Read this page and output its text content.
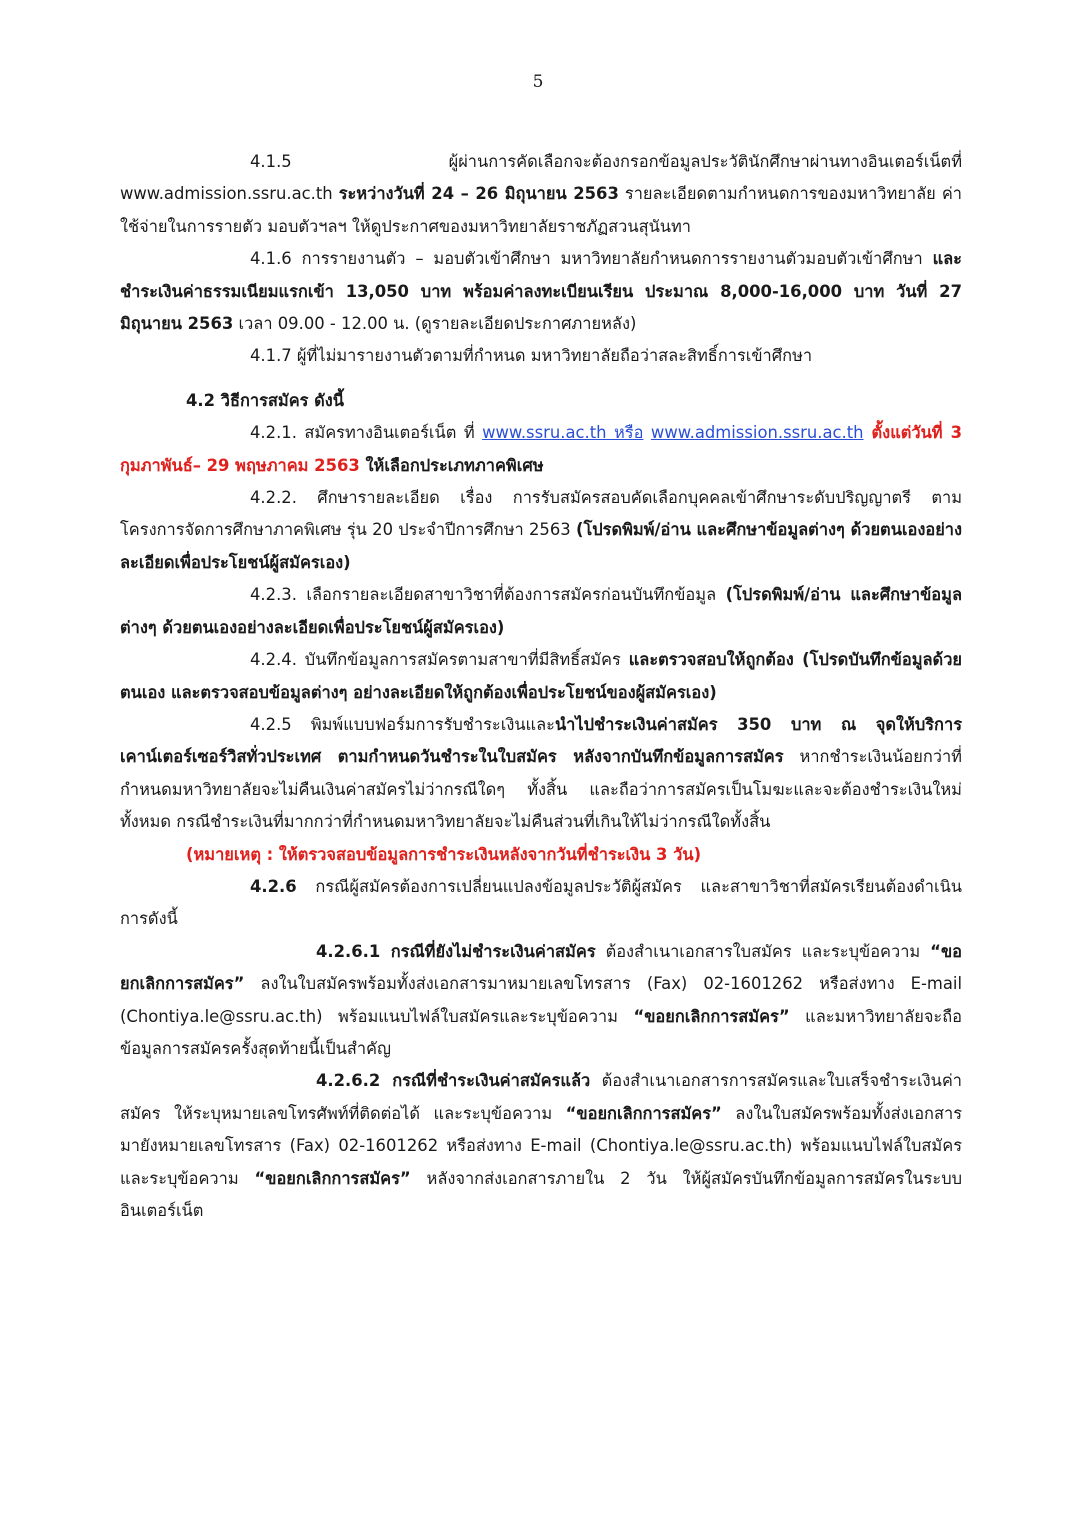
5

4.1.5 ผู้ผ่านการคัดเลือกจะต้องกรอกข้อมูลประวัตินักศึกษาผ่านทางอินเตอร์เน็ตที่ www.admission.ssru.ac.th ระหว่างวันที่ 24 – 26 มิถุนายน 2563 รายละเอียดตามกำหนดการของมหาวิทยาลัย ค่าใช้จ่ายในการรายตัว มอบตัวฯลฯ ให้ดูประกาศของมหาวิทยาลัยราชภัฏสวนสุนันทา

4.1.6 การรายงานตัว – มอบตัวเข้าศึกษา มหาวิทยาลัยกำหนดการรายงานตัวมอบตัวเข้าศึกษา และชำระเงินค่าธรรมเนียมแรกเข้า 13,050 บาท พร้อมค่าลงทะเบียนเรียน ประมาณ 8,000-16,000 บาท วันที่ 27 มิถุนายน 2563 เวลา 09.00 - 12.00 น. (ดูรายละเอียดประกาศภายหลัง)

4.1.7 ผู้ที่ไม่มารายงานตัวตามที่กำหนด มหาวิทยาลัยถือว่าสละสิทธิ์การเข้าศึกษา

4.2 วิธีการสมัคร ดังนี้

4.2.1. สมัครทางอินเตอร์เน็ต ที่ www.ssru.ac.th หรือ www.admission.ssru.ac.th ตั้งแต่วันที่ 3 กุมภาพันธ์– 29 พฤษภาคม 2563 ให้เลือกประเภทภาคพิเศษ

4.2.2. ศึกษารายละเอียด เรื่อง การรับสมัครสอบคัดเลือกบุคคลเข้าศึกษาระดับปริญญาตรี ตามโครงการจัดการศึกษาภาคพิเศษ รุ่น 20 ประจำปีการศึกษา 2563 (โปรดพิมพ์/อ่าน และศึกษาข้อมูลต่างๆ ด้วยตนเองอย่างละเอียดเพื่อประโยชน์ผู้สมัครเอง)

4.2.3. เลือกรายละเอียดสาขาวิชาที่ต้องการสมัครก่อนบันทึกข้อมูล (โปรดพิมพ์/อ่าน และศึกษาข้อมูลต่างๆ ด้วยตนเองอย่างละเอียดเพื่อประโยชน์ผู้สมัครเอง)

4.2.4. บันทึกข้อมูลการสมัครตามสาขาที่มีสิทธิ์สมัคร และตรวจสอบให้ถูกต้อง (โปรดบันทึกข้อมูลด้วยตนเอง และตรวจสอบข้อมูลต่างๆ อย่างละเอียดให้ถูกต้องเพื่อประโยชน์ของผู้สมัครเอง)

4.2.5 พิมพ์แบบฟอร์มการรับชำระเงินและนำไปชำระเงินค่าสมัคร 350 บาท ณ จุดให้บริการเคาน์เตอร์เซอร์วิสทั่วประเทศ ตามกำหนดวันชำระในใบสมัคร หลังจากบันทึกข้อมูลการสมัคร หากชำระเงินน้อยกว่าที่กำหนดมหาวิทยาลัยจะไม่คืนเงินค่าสมัครไม่ว่ากรณีใดๆ ทั้งสิ้น และถือว่าการสมัครเป็นโมฆะและจะต้องชำระเงินใหม่ทั้งหมด กรณีชำระเงินที่มากกว่าที่กำหนดมหาวิทยาลัยจะไม่คืนส่วนที่เกินให้ไม่ว่ากรณีใดทั้งสิ้น

(หมายเหตุ : ให้ตรวจสอบข้อมูลการชำระเงินหลังจากวันที่ชำระเงิน 3 วัน)

4.2.6 กรณีผู้สมัครต้องการเปลี่ยนแปลงข้อมูลประวัติผู้สมัคร และสาขาวิชาที่สมัครเรียนต้องดำเนินการดังนี้

4.2.6.1 กรณีที่ยังไม่ชำระเงินค่าสมัคร ต้องสำเนาเอกสารใบสมัคร และระบุข้อความ “ขอยกเลิกการสมัคร” ลงในใบสมัครพร้อมทั้งส่งเอกสารมาหมายเลขโทรสาร (Fax) 02-1601262 หรือส่งทาง E-mail (Chontiya.le@ssru.ac.th) พร้อมแนบไฟล์ใบสมัครและระบุข้อความ “ขอยกเลิกการสมัคร” และมหาวิทยาลัยจะถือข้อมูลการสมัครครั้งสุดท้ายนี้เป็นสำคัญ

4.2.6.2 กรณีที่ชำระเงินค่าสมัครแล้ว ต้องสำเนาเอกสารการสมัครและใบเสร็จชำระเงินค่าสมัคร ให้ระบุหมายเลขโทรศัพท์ที่ติดต่อได้ และระบุข้อความ “ขอยกเลิกการสมัคร” ลงในใบสมัครพร้อมทั้งส่งเอกสารมายังหมายเลขโทรสาร (Fax) 02-1601262 หรือส่งทาง E-mail (Chontiya.le@ssru.ac.th) พร้อมแนบไฟล์ใบสมัครและระบุข้อความ “ขอยกเลิกการสมัคร” หลังจากส่งเอกสารภายใน 2 วัน ให้ผู้สมัครบันทึกข้อมูลการสมัครในระบบอินเตอร์เน็ต
